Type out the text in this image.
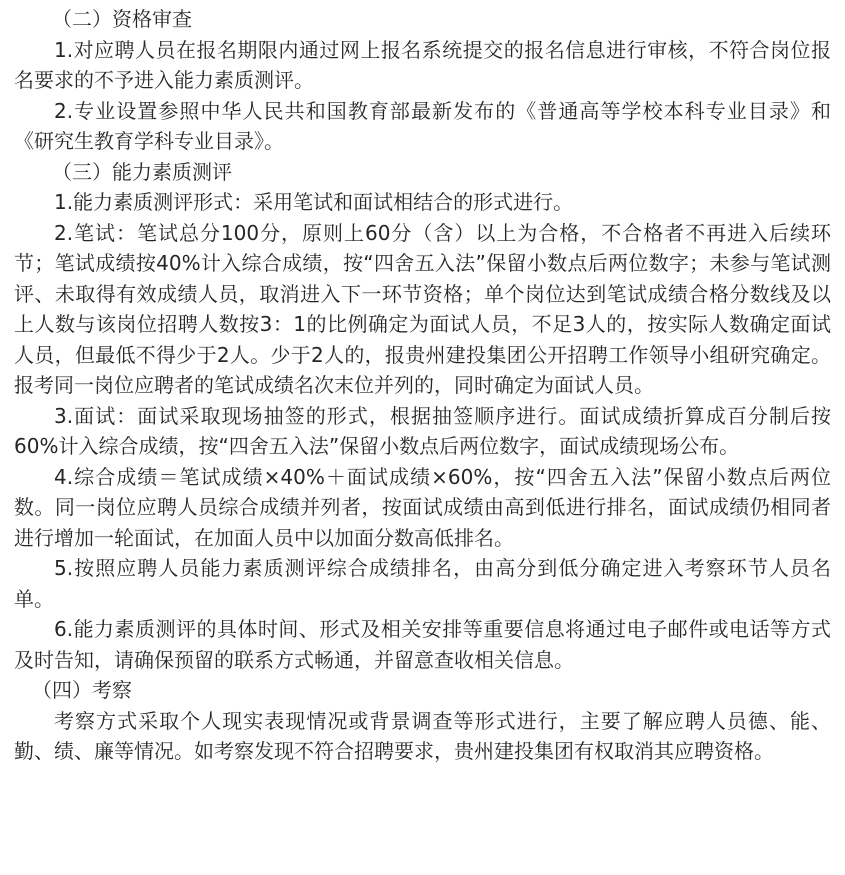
（二）资格审查

1.对应聘人员在报名期限内通过网上报名系统提交的报名信息进行审核，不符合岗位报名要求的不予进入能力素质测评。

2.专业设置参照中华人民共和国教育部最新发布的《普通高等学校本科专业目录》和《研究生教育学科专业目录》。

（三）能力素质测评

1.能力素质测评形式：采用笔试和面试相结合的形式进行。

2.笔试：笔试总分100分，原则上60分（含）以上为合格，不合格者不再进入后续环节；笔试成绩按40%计入综合成绩，按“四舍五入法”保留小数点后两位数字；未参与笔试测评、未取得有效成绩人员，取消进入下一环节资格；单个岗位达到笔试成绩合格分数线及以上人数与该岗位招聘人数按3：1的比例确定为面试人员，不足3人的，按实际人数确定面试人员，但最低不得少于2人。少于2人的，报贵州建投集团公开招聘工作领导小组研究确定。报考同一岗位应聘者的笔试成绩名次末位并列的，同时确定为面试人员。

3.面试：面试采取现场抽签的形式，根据抽签顺序进行。面试成绩折算成百分制后按60%计入综合成绩，按“四舍五入法”保留小数点后两位数字，面试成绩现场公布。

4.综合成绩＝笔试成绩×40%＋面试成绩×60%，按“四舍五入法”保留小数点后两位数。同一岗位应聘人员综合成绩并列者，按面试成绩由高到低进行排名，面试成绩仍相同者进行增加一轮面试，在加面人员中以加面分数高低排名。

5.按照应聘人员能力素质测评综合成绩排名，由高分到低分确定进入考察环节人员名单。

6.能力素质测评的具体时间、形式及相关安排等重要信息将通过电子邮件或电话等方式及时告知，请确保预留的联系方式畅通，并留意查收相关信息。

（四）考察

考察方式采取个人现实表现情况或背景调查等形式进行，主要了解应聘人员德、能、勤、绩、廉等情况。如考察发现不符合招聘要求，贵州建投集团有权取消其应聘资格。
